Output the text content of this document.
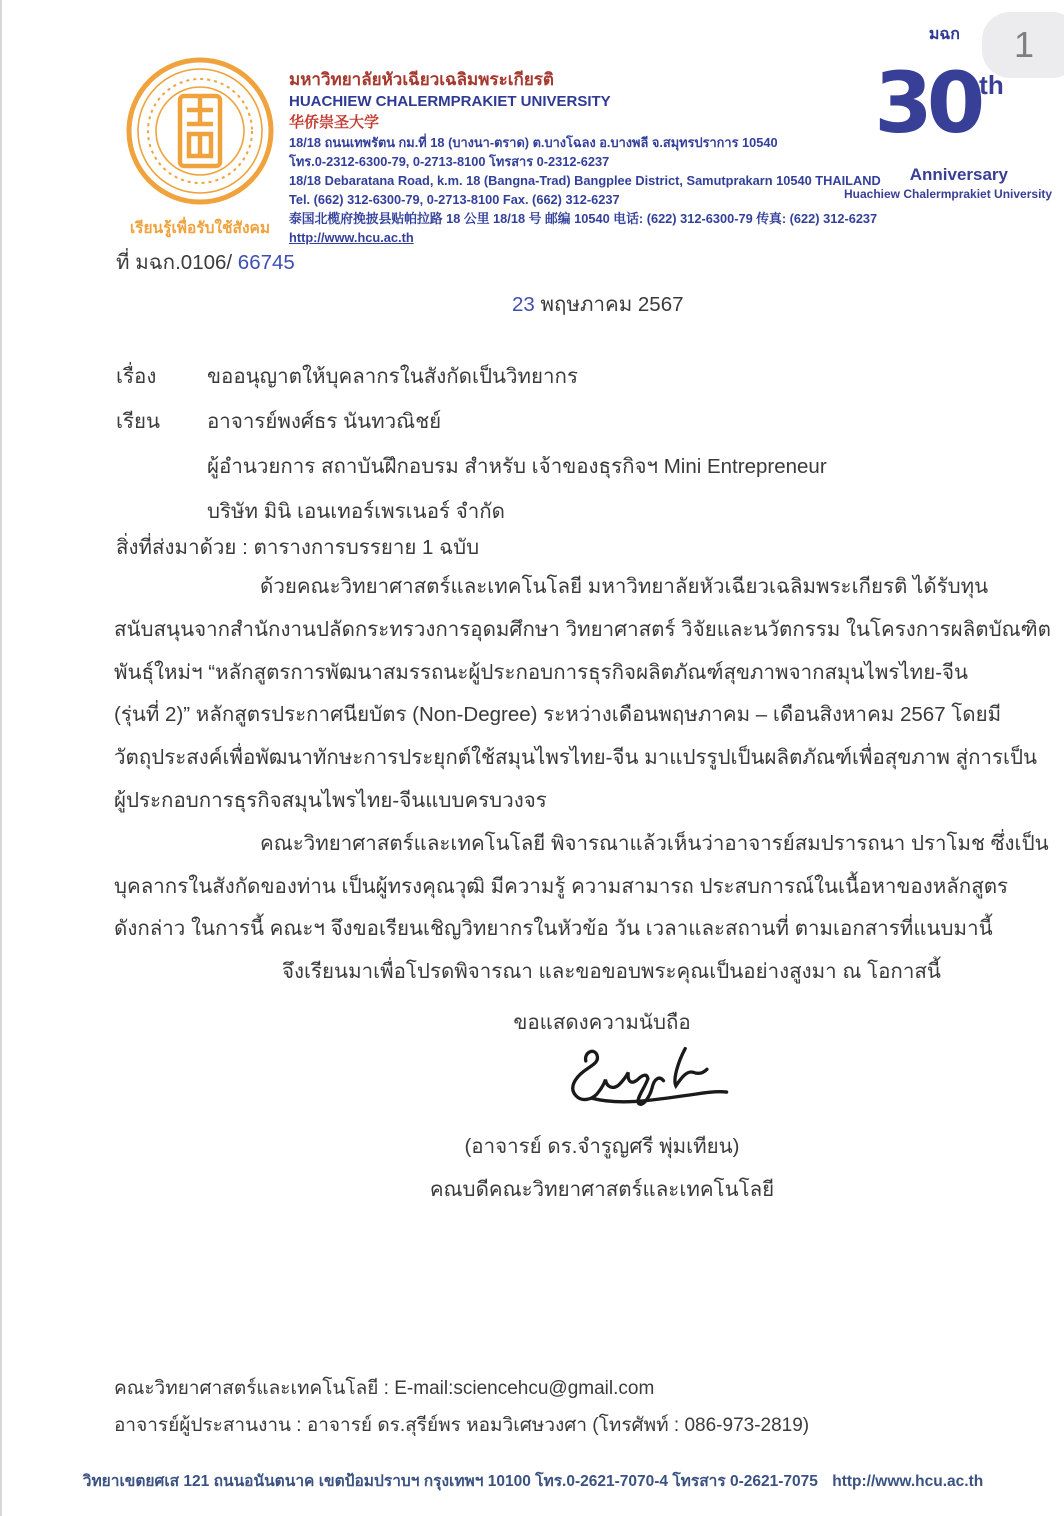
มฉก 1
เรียนรู้เพื่อรับใช้สังคม
มหาวิทยาลัยหัวเฉียวเฉลิมพระเกียรติ
HUACHIEW CHALERMPRAKIET UNIVERSITY
华侨崇圣大学
18/18 ถนนเทพรัตน กม.ที่ 18 (บางนา-ตราด) ต.บางโฉลง อ.บางพลี จ.สมุทรปราการ 10540
โทร.0-2312-6300-79, 0-2713-8100 โทรสาร 0-2312-6237
18/18 Debaratana Road, k.m. 18 (Bangna-Trad) Bangplee District, Samutprakarn 10540 THAILAND
Tel. (662) 312-6300-79, 0-2713-8100 Fax. (662) 312-6237
泰国北榄府挽披县贴帕拉路 18 公里 18/18 号 邮编 10540 电话: (622) 312-6300-79 传真: (622) 312-6237
http://www.hcu.ac.th
30th
Anniversary
Huachiew Chalermprakiet University
ที่ มฉก.0106/ 66745
23 พฤษภาคม 2567
เรื่อง ขออนุญาตให้บุคลากรในสังกัดเป็นวิทยากร
เรียน อาจารย์พงศ์ธร นันทวณิชย์
ผู้อำนวยการ สถาบันฝึกอบรม สำหรับ เจ้าของธุรกิจฯ Mini Entrepreneur
บริษัท มินิ เอนเทอร์เพรเนอร์ จำกัด
สิ่งที่ส่งมาด้วย : ตารางการบรรยาย 1 ฉบับ
ด้วยคณะวิทยาศาสตร์และเทคโนโลยี มหาวิทยาลัยหัวเฉียวเฉลิมพระเกียรติ ได้รับทุน
สนับสนุนจากสำนักงานปลัดกระทรวงการอุดมศึกษา วิทยาศาสตร์ วิจัยและนวัตกรรม ในโครงการผลิตบัณฑิต
พันธุ์ใหม่ฯ “หลักสูตรการพัฒนาสมรรถนะผู้ประกอบการธุรกิจผลิตภัณฑ์สุขภาพจากสมุนไพรไทย-จีน
(รุ่นที่ 2)” หลักสูตรประกาศนียบัตร (Non-Degree) ระหว่างเดือนพฤษภาคม – เดือนสิงหาคม 2567 โดยมี
วัตถุประสงค์เพื่อพัฒนาทักษะการประยุกต์ใช้สมุนไพรไทย-จีน มาแปรรูปเป็นผลิตภัณฑ์เพื่อสุขภาพ สู่การเป็น
ผู้ประกอบการธุรกิจสมุนไพรไทย-จีนแบบครบวงจร
คณะวิทยาศาสตร์และเทคโนโลยี พิจารณาแล้วเห็นว่าอาจารย์สมปรารถนา ปราโมช ซึ่งเป็น
บุคลากรในสังกัดของท่าน เป็นผู้ทรงคุณวุฒิ มีความรู้ ความสามารถ ประสบการณ์ในเนื้อหาของหลักสูตร
ดังกล่าว ในการนี้ คณะฯ จึงขอเรียนเชิญวิทยากรในหัวข้อ วัน เวลาและสถานที่ ตามเอกสารที่แนบมานี้
จึงเรียนมาเพื่อโปรดพิจารณา และขอขอบพระคุณเป็นอย่างสูงมา ณ โอกาสนี้
ขอแสดงความนับถือ
(อาจารย์ ดร.จำรูญศรี พุ่มเทียน)
คณบดีคณะวิทยาศาสตร์และเทคโนโลยี
คณะวิทยาศาสตร์และเทคโนโลยี : E-mail:sciencehcu@gmail.com
อาจารย์ผู้ประสานงาน : อาจารย์ ดร.สุรีย์พร หอมวิเศษวงศา (โทรศัพท์ : 086-973-2819)
วิทยาเขตยศเส 121 ถนนอนันตนาค เขตป้อมปราบฯ กรุงเทพฯ 10100 โทร.0-2621-7070-4 โทรสาร 0-2621-7075 http://www.hcu.ac.th
